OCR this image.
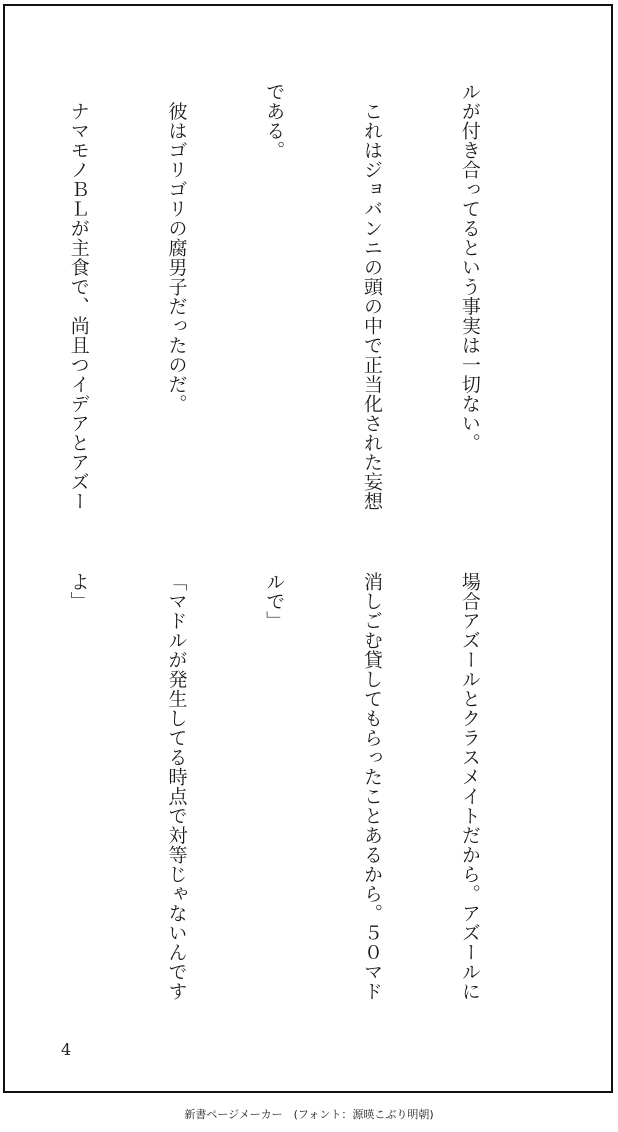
ルが付き合ってるという事実は一切ない。

　これはジョバンニの頭の中で正当化された妄想

である。

　彼はゴリゴリの腐男子だったのだ。

　ナマモノＢＬが主食で、尚且つイデアとアズー

場合アズールとクラスメイトだから。アズールに

消しごむ貸してもらったことあるから。５０マド

ルで」

「マドルが発生してる時点で対等じゃないんです

よ」

4
新書ページメーカー　(フォント：源暎こぶり明朝)
